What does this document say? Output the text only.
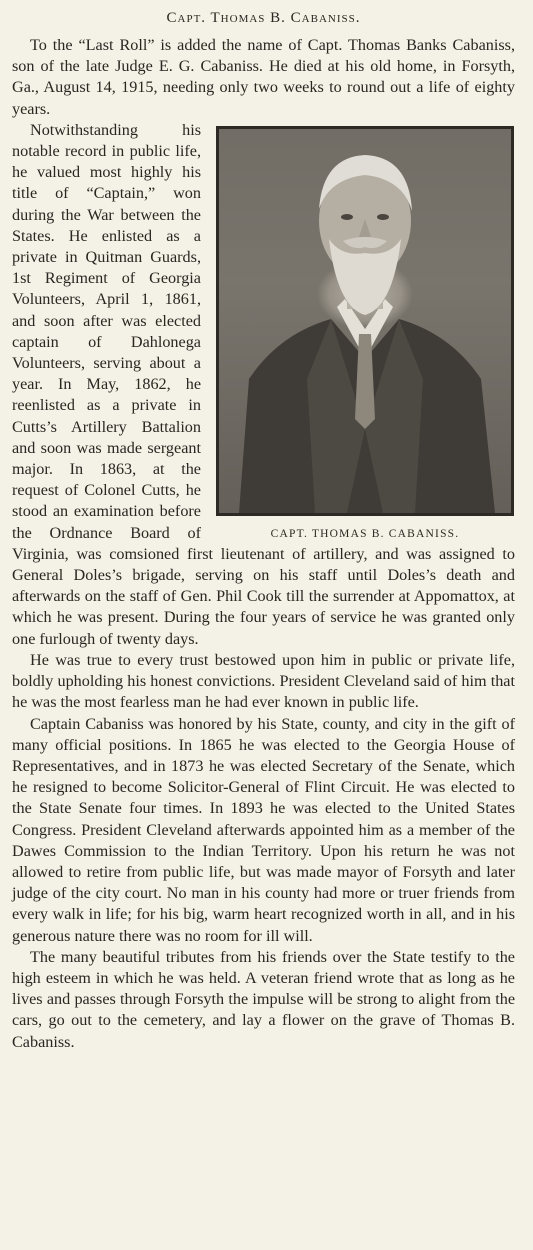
Capt. Thomas B. Cabaniss.

To the “Last Roll” is added the name of Capt. Thomas Banks Cabaniss, son of the late Judge E. G. Cabaniss. He died at his old home, in Forsyth, Ga., August 14, 1915, needing only two weeks to round out a life of eighty years.

CAPT. THOMAS B. CABANISS.

Notwithstanding his notable record in public life, he valued most highly his title of “Captain,” won during the War between the States. He enlisted as a private in Quitman Guards, 1st Regiment of Georgia Volunteers, April 1, 1861, and soon after was elected captain of Dahlonega Volunteers, serving about a year. In May, 1862, he reenlisted as a private in Cutts’s Artillery Battalion and soon was made sergeant major. In 1863, at the request of Colonel Cutts, he stood an examination before the Ordnance Board of Virginia, was comsioned first lieutenant of artillery, and was assigned to General Doles’s brigade, serving on his staff until Doles’s death and afterwards on the staff of Gen. Phil Cook till the surrender at Appomattox, at which he was present. During the four years of service he was granted only one furlough of twenty days.

He was true to every trust bestowed upon him in public or private life, boldly upholding his honest convictions. President Cleveland said of him that he was the most fearless man he had ever known in public life.

Captain Cabaniss was honored by his State, county, and city in the gift of many official positions. In 1865 he was elected to the Georgia House of Representatives, and in 1873 he was elected Secretary of the Senate, which he resigned to become Solicitor-General of Flint Circuit. He was elected to the State Senate four times. In 1893 he was elected to the United States Congress. President Cleveland afterwards appointed him as a member of the Dawes Commission to the Indian Territory. Upon his return he was not allowed to retire from public life, but was made mayor of Forsyth and later judge of the city court. No man in his county had more or truer friends from every walk in life; for his big, warm heart recognized worth in all, and in his generous nature there was no room for ill will.

The many beautiful tributes from his friends over the State testify to the high esteem in which he was held. A veteran friend wrote that as long as he lives and passes through Forsyth the impulse will be strong to alight from the cars, go out to the cemetery, and lay a flower on the grave of Thomas B. Cabaniss.
